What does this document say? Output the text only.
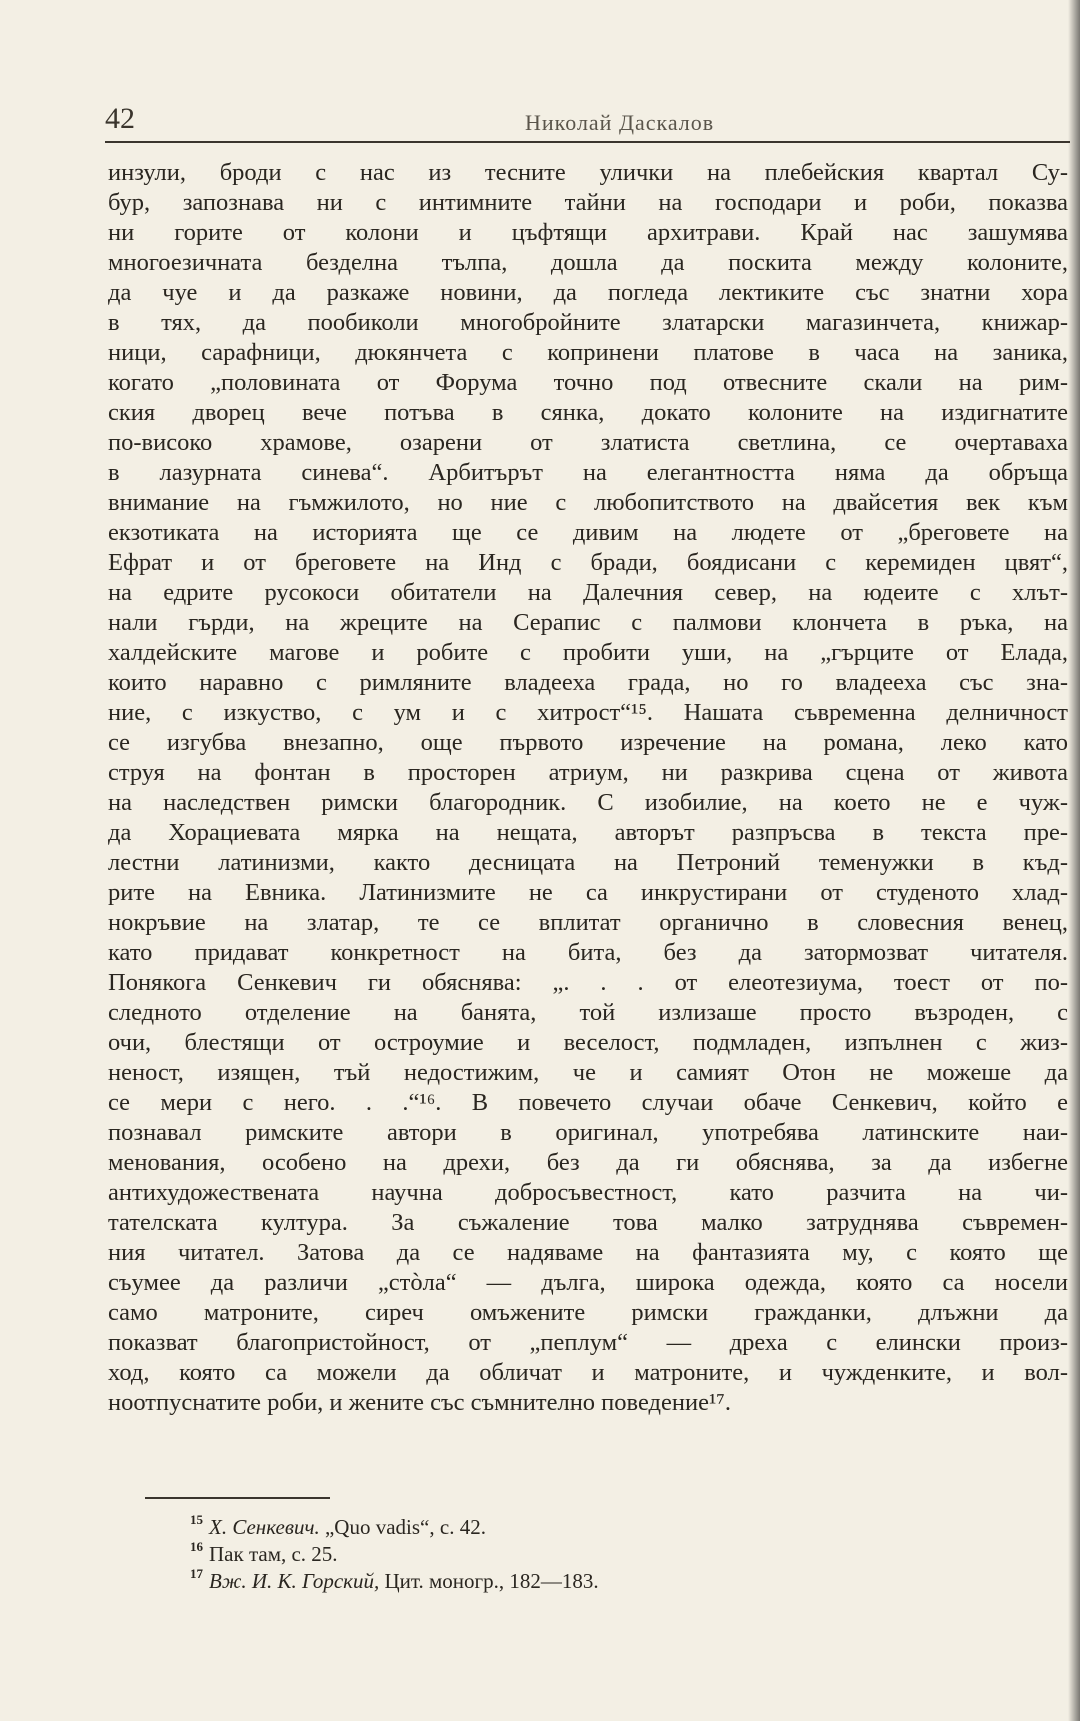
42	Николай Даскалов
инзули, броди с нас из тесните улички на плебейския квартал Су-
бур, запознава ни с интимните тайни на господари и роби, показва
ни горите от колони и цъфтящи архитрави. Край нас зашумява
многоезичната безделна тълпа, дошла да поскита между колоните,
да чуе и да разкаже новини, да погледа лектиките със знатни хора
в тях, да пообиколи многобройните златарски магазинчета, книжар-
ници, сарафници, дюкянчета с копринени платове в часа на заника,
когато „половината от Форума точно под отвесните скали на рим-
ския дворец вече потъва в сянка, докато колоните на издигнатите
по-високо храмове, озарени от златиста светлина, се очертаваха
в лазурната синева“. Арбитърът на елегантността няма да обръща
внимание на гъмжилото, но ние с любопитството на двайсетия век към
екзотиката на историята ще се дивим на людете от „бреговете на
Ефрат и от бреговете на Инд с бради, боядисани с керемиден цвят“,
на едрите русокоси обитатели на Далечния север, на юдеите с хлът-
нали гърди, на жреците на Серапис с палмови клончета в ръка, на
халдейските магове и робите с пробити уши, на „гърците от Елада,
които наравно с римляните владееха града, но го владееха със зна-
ние, с изкуство, с ум и с хитрост“¹⁵. Нашата съвременна делничност
се изгубва внезапно, още първото изречение на романа, леко като
струя на фонтан в просторен атриум, ни разкрива сцена от живота
на наследствен римски благородник. С изобилие, на което не е чуж-
да Хорациевата мярка на нещата, авторът разпръсва в текста пре-
лестни латинизми, както десницата на Петроний теменужки в къд-
рите на Евника. Латинизмите не са инкрустирани от студеното хлад-
нокръвие на златар, те се вплитат органично в словесния венец,
като придават конкретност на бита, без да затормозват читателя.
Понякога Сенкевич ги обяснява: „. . . от елеотезиума, тоест от по-
следното отделение на банята, той излизаше просто възроден, с
очи, блестящи от остроумие и веселост, подмладен, изпълнен с жиз-
неност, изящен, тъй недостижим, че и самият Отон не можеше да
се мери с него. . .“¹⁶. В повечето случаи обаче Сенкевич, който е
познавал римските автори в оригинал, употребява латинските наи-
менования, особено на дрехи, без да ги обяснява, за да избегне
антихудожествената научна добросъвестност, като разчита на чи-
тателската култура. За съжаление това малко затруднява съвремен-
ния читател. Затова да се надяваме на фантазията му, с която ще
съумее да различи „стòла“ — дълга, широка одежда, която са носели
само матроните, сиреч омъжените римски гражданки, длъжни да
показват благопристойност, от „пеплум“ — дреха с елински произ-
ход, която са можели да обличат и матроните, и чужденките, и вол-
ноотпуснатите роби, и жените със съмнително поведение¹⁷.
$^{15}$ Х. Сенкевич. „Quo vadis“, с. 42.
$^{16}$ Пак там, с. 25.
$^{17}$ Вж. И. К. Горский, Цит. моногр., 182—183.
